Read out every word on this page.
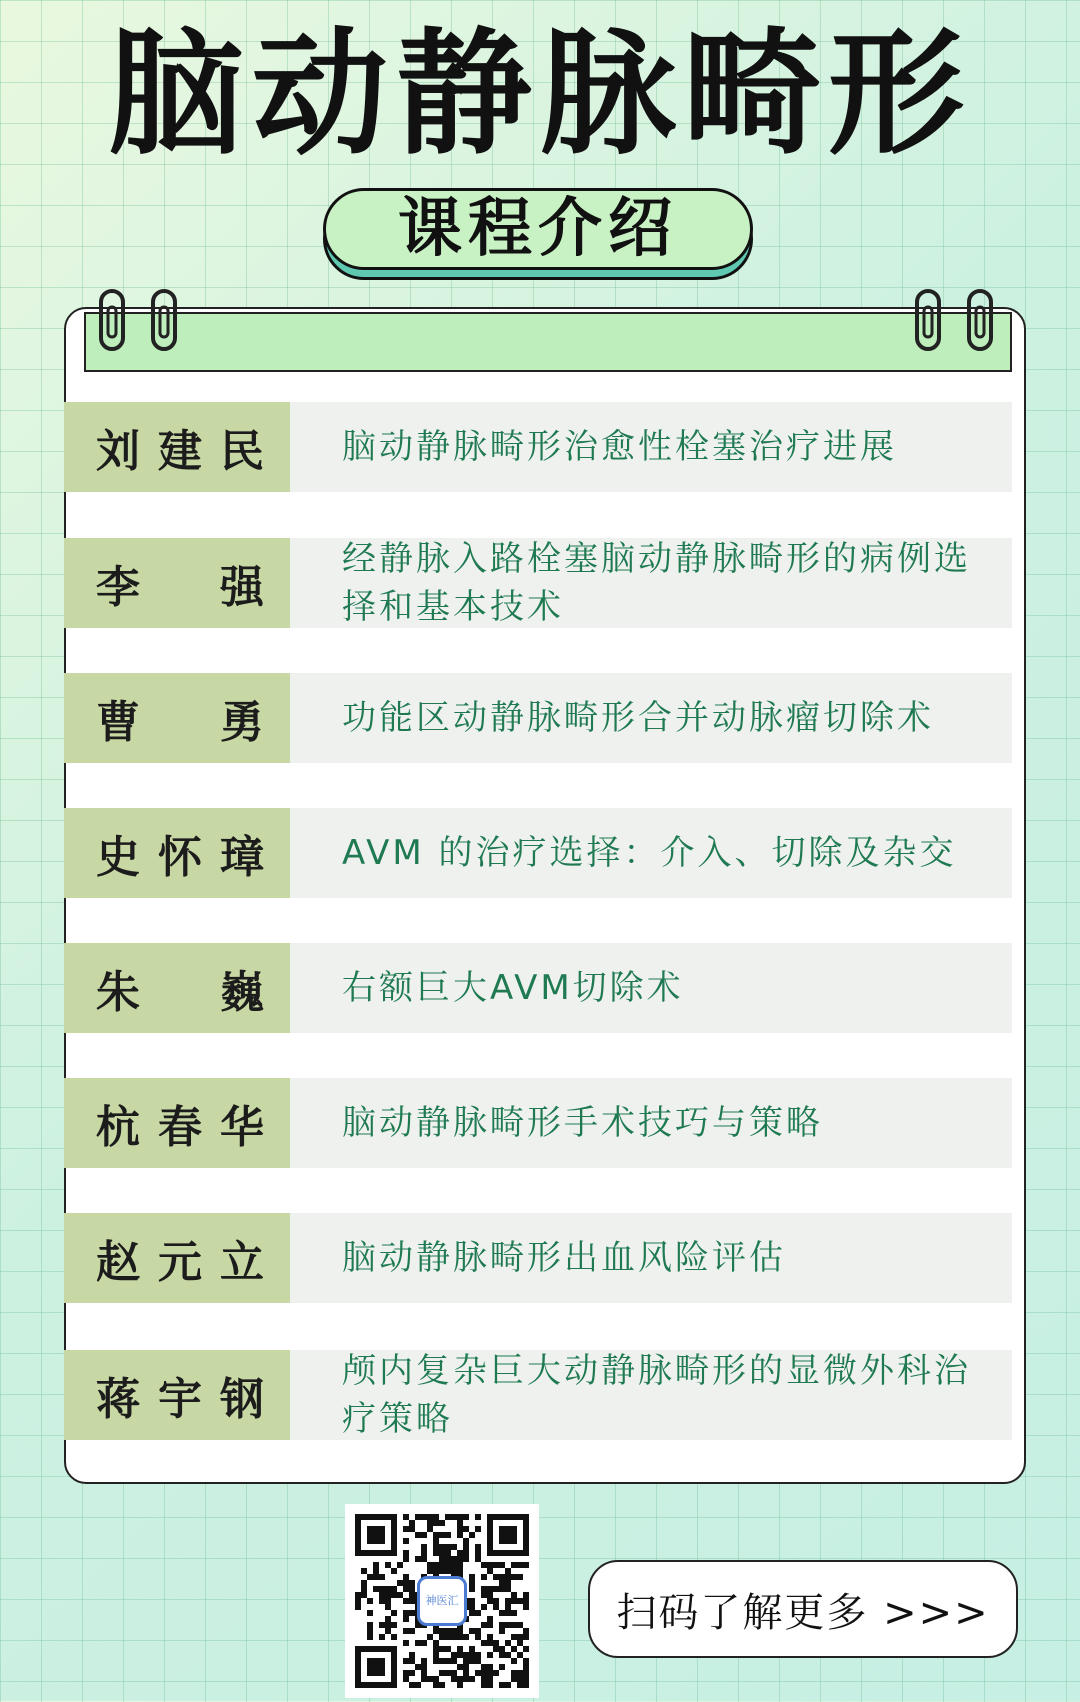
脑动静脉畸形
课程介绍
刘建民 脑动静脉畸形治愈性栓塞治疗进展
李强
经静脉入路栓塞脑动静脉畸形的病例选择和基本技术
曹勇 功能区动静脉畸形合并动脉瘤切除术
史怀璋 AVM 的治疗选择：介入、切除及杂交
朱巍 右额巨大AVM切除术
杭春华 脑动静脉畸形手术技巧与策略
赵元立 脑动静脉畸形出血风险评估
蒋宇钢
颅内复杂巨大动静脉畸形的显微外科治疗策略
神医汇	扫码了解更多 >>>
